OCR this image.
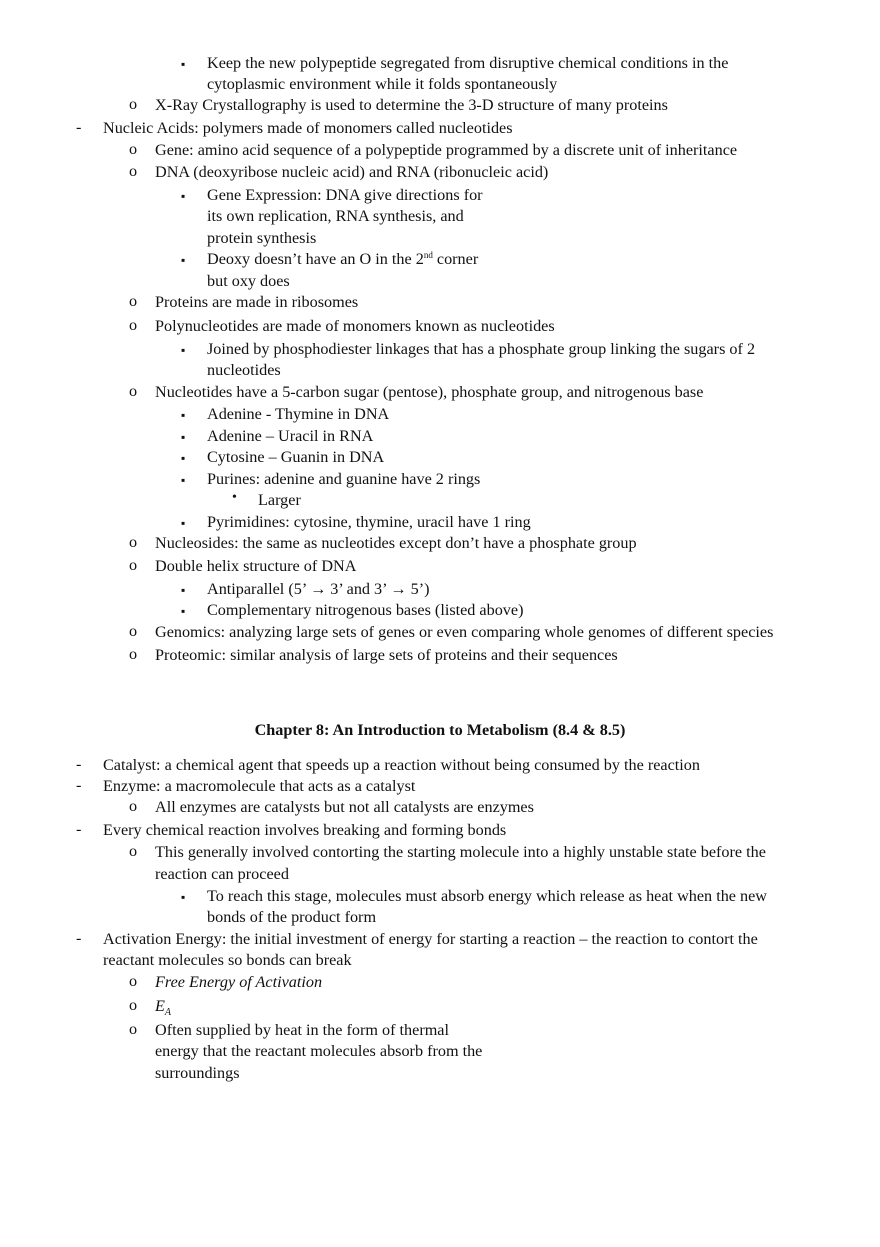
▪ Keep the new polypeptide segregated from disruptive chemical conditions in the
cytoplasmic environment while it folds spontaneously
o X-Ray Crystallography is used to determine the 3-D structure of many proteins
- Nucleic Acids: polymers made of monomers called nucleotides
o Gene: amino acid sequence of a polypeptide programmed by a discrete unit of inheritance
o DNA (deoxyribose nucleic acid) and RNA (ribonucleic acid)
▪ Gene Expression: DNA give directions for
its own replication, RNA synthesis, and
protein synthesis
▪ Deoxy doesn’t have an O in the 2nd corner
but oxy does
o Proteins are made in ribosomes
o Polynucleotides are made of monomers known as nucleotides
▪ Joined by phosphodiester linkages that has a phosphate group linking the sugars of 2
nucleotides
o Nucleotides have a 5-carbon sugar (pentose), phosphate group, and nitrogenous base
▪ Adenine - Thymine in DNA
▪ Adenine – Uracil in RNA
▪ Cytosine – Guanin in DNA
▪ Purines: adenine and guanine have 2 rings
• Larger
▪ Pyrimidines: cytosine, thymine, uracil have 1 ring
o Nucleosides: the same as nucleotides except don’t have a phosphate group
o Double helix structure of DNA
▪ Antiparallel (5’ → 3’ and 3’ → 5’)
▪ Complementary nitrogenous bases (listed above)
o Genomics: analyzing large sets of genes or even comparing whole genomes of different species
o Proteomic: similar analysis of large sets of proteins and their sequences
Chapter 8: An Introduction to Metabolism (8.4 & 8.5)
- Catalyst: a chemical agent that speeds up a reaction without being consumed by the reaction
- Enzyme: a macromolecule that acts as a catalyst
o All enzymes are catalysts but not all catalysts are enzymes
- Every chemical reaction involves breaking and forming bonds
o This generally involved contorting the starting molecule into a highly unstable state before the
reaction can proceed
▪ To reach this stage, molecules must absorb energy which release as heat when the new
bonds of the product form
- Activation Energy: the initial investment of energy for starting a reaction – the reaction to contort the
reactant molecules so bonds can break
o Free Energy of Activation
o $E_A$
o Often supplied by heat in the form of thermal
energy that the reactant molecules absorb from the
surroundings
